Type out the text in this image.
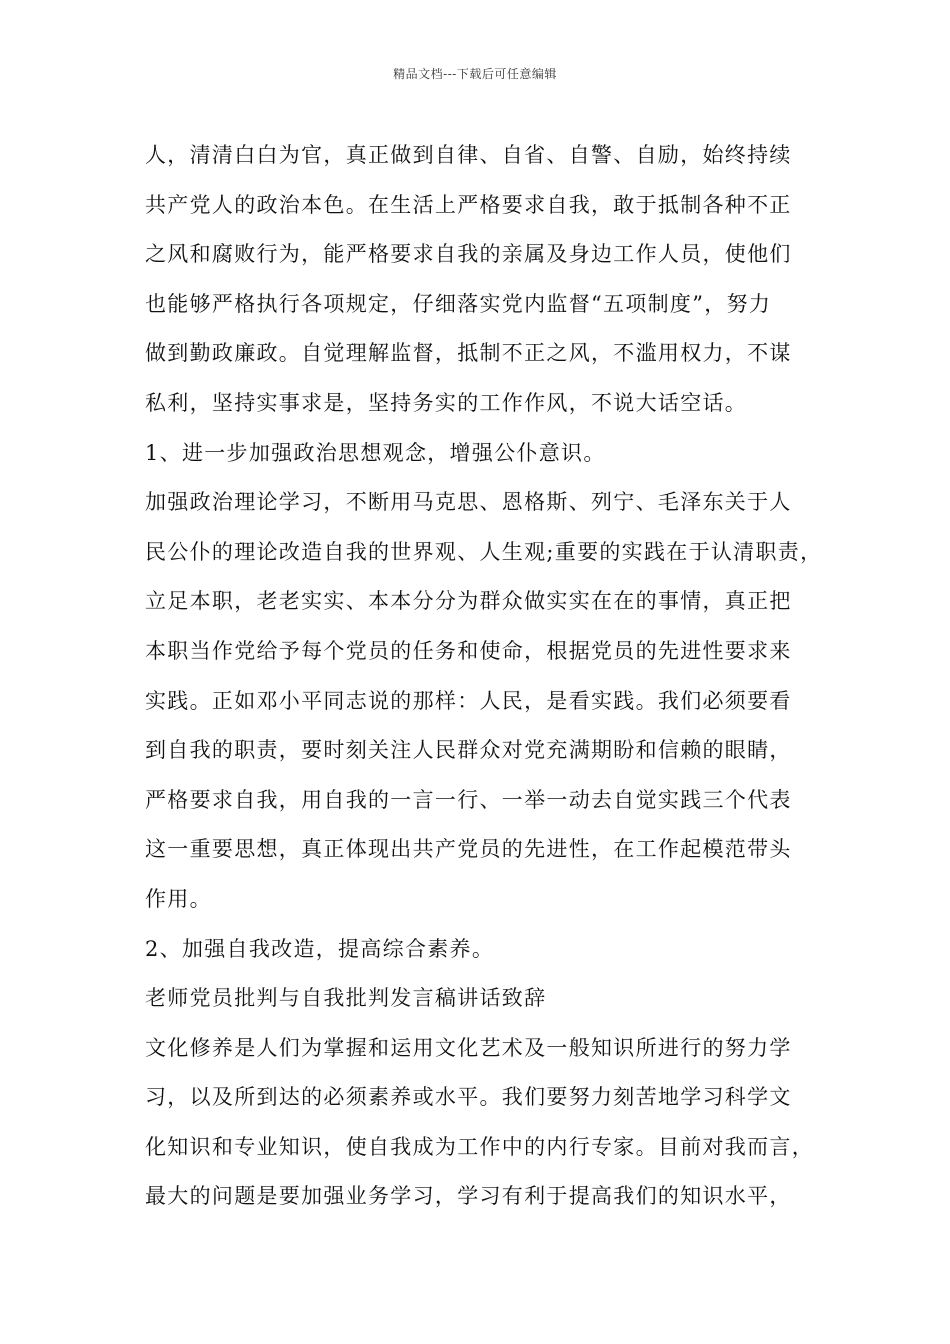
精品文档---下载后可任意编辑
人，清清白白为官，真正做到自律、自省、自警、自励，始终持续
共产党人的政治本色。在生活上严格要求自我，敢于抵制各种不正
之风和腐败行为，能严格要求自我的亲属及身边工作人员，使他们
也能够严格执行各项规定，仔细落实党内监督“五项制度”，努力
做到勤政廉政。自觉理解监督，抵制不正之风，不滥用权力，不谋
私利，坚持实事求是，坚持务实的工作作风，不说大话空话。
1、进一步加强政治思想观念，增强公仆意识。
加强政治理论学习，不断用马克思、恩格斯、列宁、毛泽东关于人
民公仆的理论改造自我的世界观、人生观;重要的实践在于认清职责，
立足本职，老老实实、本本分分为群众做实实在在的事情，真正把
本职当作党给予每个党员的任务和使命，根据党员的先进性要求来
实践。正如邓小平同志说的那样：人民，是看实践。我们必须要看
到自我的职责，要时刻关注人民群众对党充满期盼和信赖的眼睛，
严格要求自我，用自我的一言一行、一举一动去自觉实践三个代表
这一重要思想，真正体现出共产党员的先进性，在工作起模范带头
作用。
2、加强自我改造，提高综合素养。
老师党员批判与自我批判发言稿讲话致辞
文化修养是人们为掌握和运用文化艺术及一般知识所进行的努力学
习，以及所到达的必须素养或水平。我们要努力刻苦地学习科学文
化知识和专业知识，使自我成为工作中的内行专家。目前对我而言，
最大的问题是要加强业务学习，学习有利于提高我们的知识水平，
